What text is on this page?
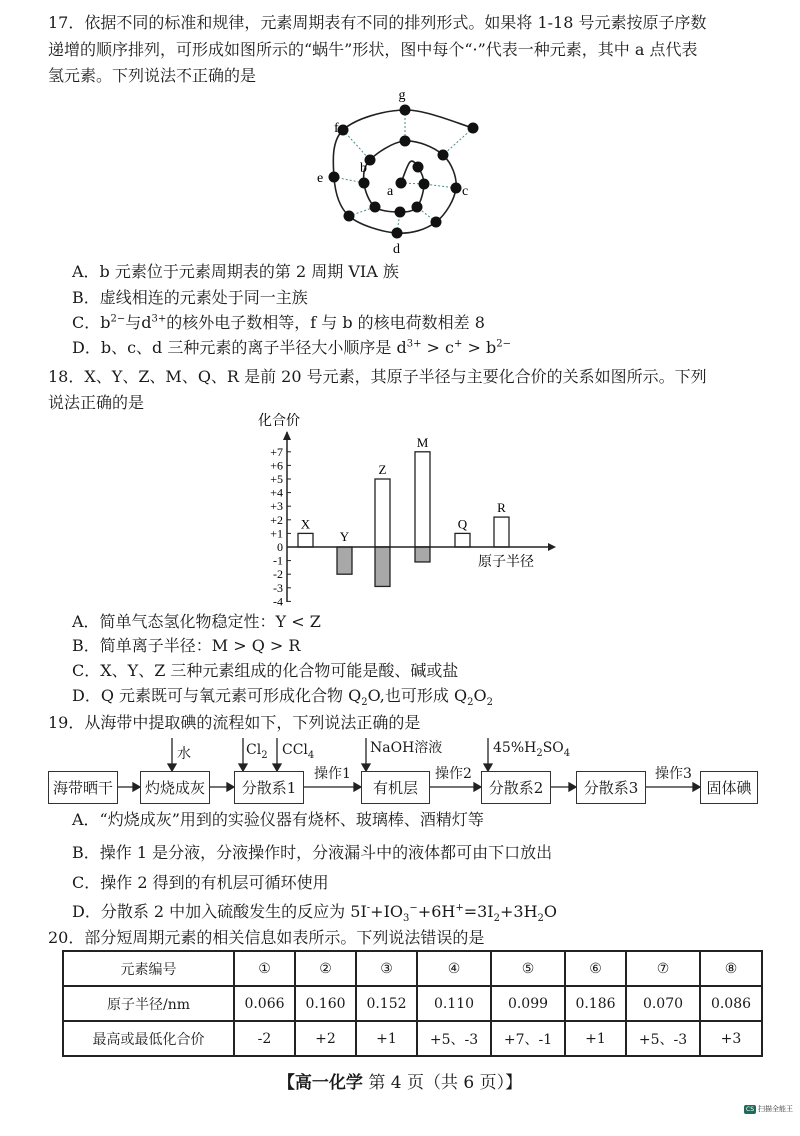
17．依据不同的标准和规律，元素周期表有不同的排列形式。如果将 1-18 号元素按原子序数
递增的顺序排列，可形成如图所示的“蜗牛”形状，图中每个“·”代表一种元素，其中 a 点代表
氢元素。下列说法不正确的是
g
f
b
e
a	c
d
A．b 元素位于元素周期表的第 2 周期 VIA 族
B．虚线相连的元素处于同一主族
C．$b^{2-}$与$d^{3+}$的核外电子数相等，f 与 b 的核电荷数相差 8
D．b、c、d 三种元素的离子半径大小顺序是 $d^{3+} > c^+ > b^{2-}$
18．X、Y、Z、M、Q、R 是前 20 号元素，其原子半径与主要化合价的关系如图所示。下列
说法正确的是
化合价
+7
+6
+5
+4
+3
+2
+1
0
-1
-2
-3
-4
X
Y
Z
M
Q
R
原子半径
A．简单气态氢化物稳定性：Y < Z
B．简单离子半径：M > Q > R
C．X、Y、Z 三种元素组成的化合物可能是酸、碱或盐
D．Q 元素既可与氧元素可形成化合物 $Q_2O$,也可形成 $Q_2O_2$
19．从海带中提取碘的流程如下，下列说法正确的是
水	$Cl_2$ CCl$_4$	NaOH溶液	$45\%H_2SO_4$
操作1	操作2	操作3
海带晒干	灼烧成灰	分散系1	有机层	分散系2	分散系3	固体碘
A．“灼烧成灰”用到的实验仪器有烧杯、玻璃棒、酒精灯等
B．操作 1 是分液，分液操作时，分液漏斗中的液体都可由下口放出
C．操作 2 得到的有机层可循环使用
D．分散系 2 中加入硫酸发生的反应为 $5I^-+IO_3^-+6H^+=3I_2+3H_2O$
20．部分短周期元素的相关信息如表所示。下列说法错误的是
元素编号	①	②	③	④	⑤	⑥	⑦	⑧
原子半径/nm	0.066	0.160	0.152	0.110	0.099	0.186	0.070	0.086
最高或最低化合价	-2	+2	+1	+5、-3	+7、-1	+1	+5、-3	+3
【高一化学 第 4 页（共 6 页）】
CS 扫描全能王
